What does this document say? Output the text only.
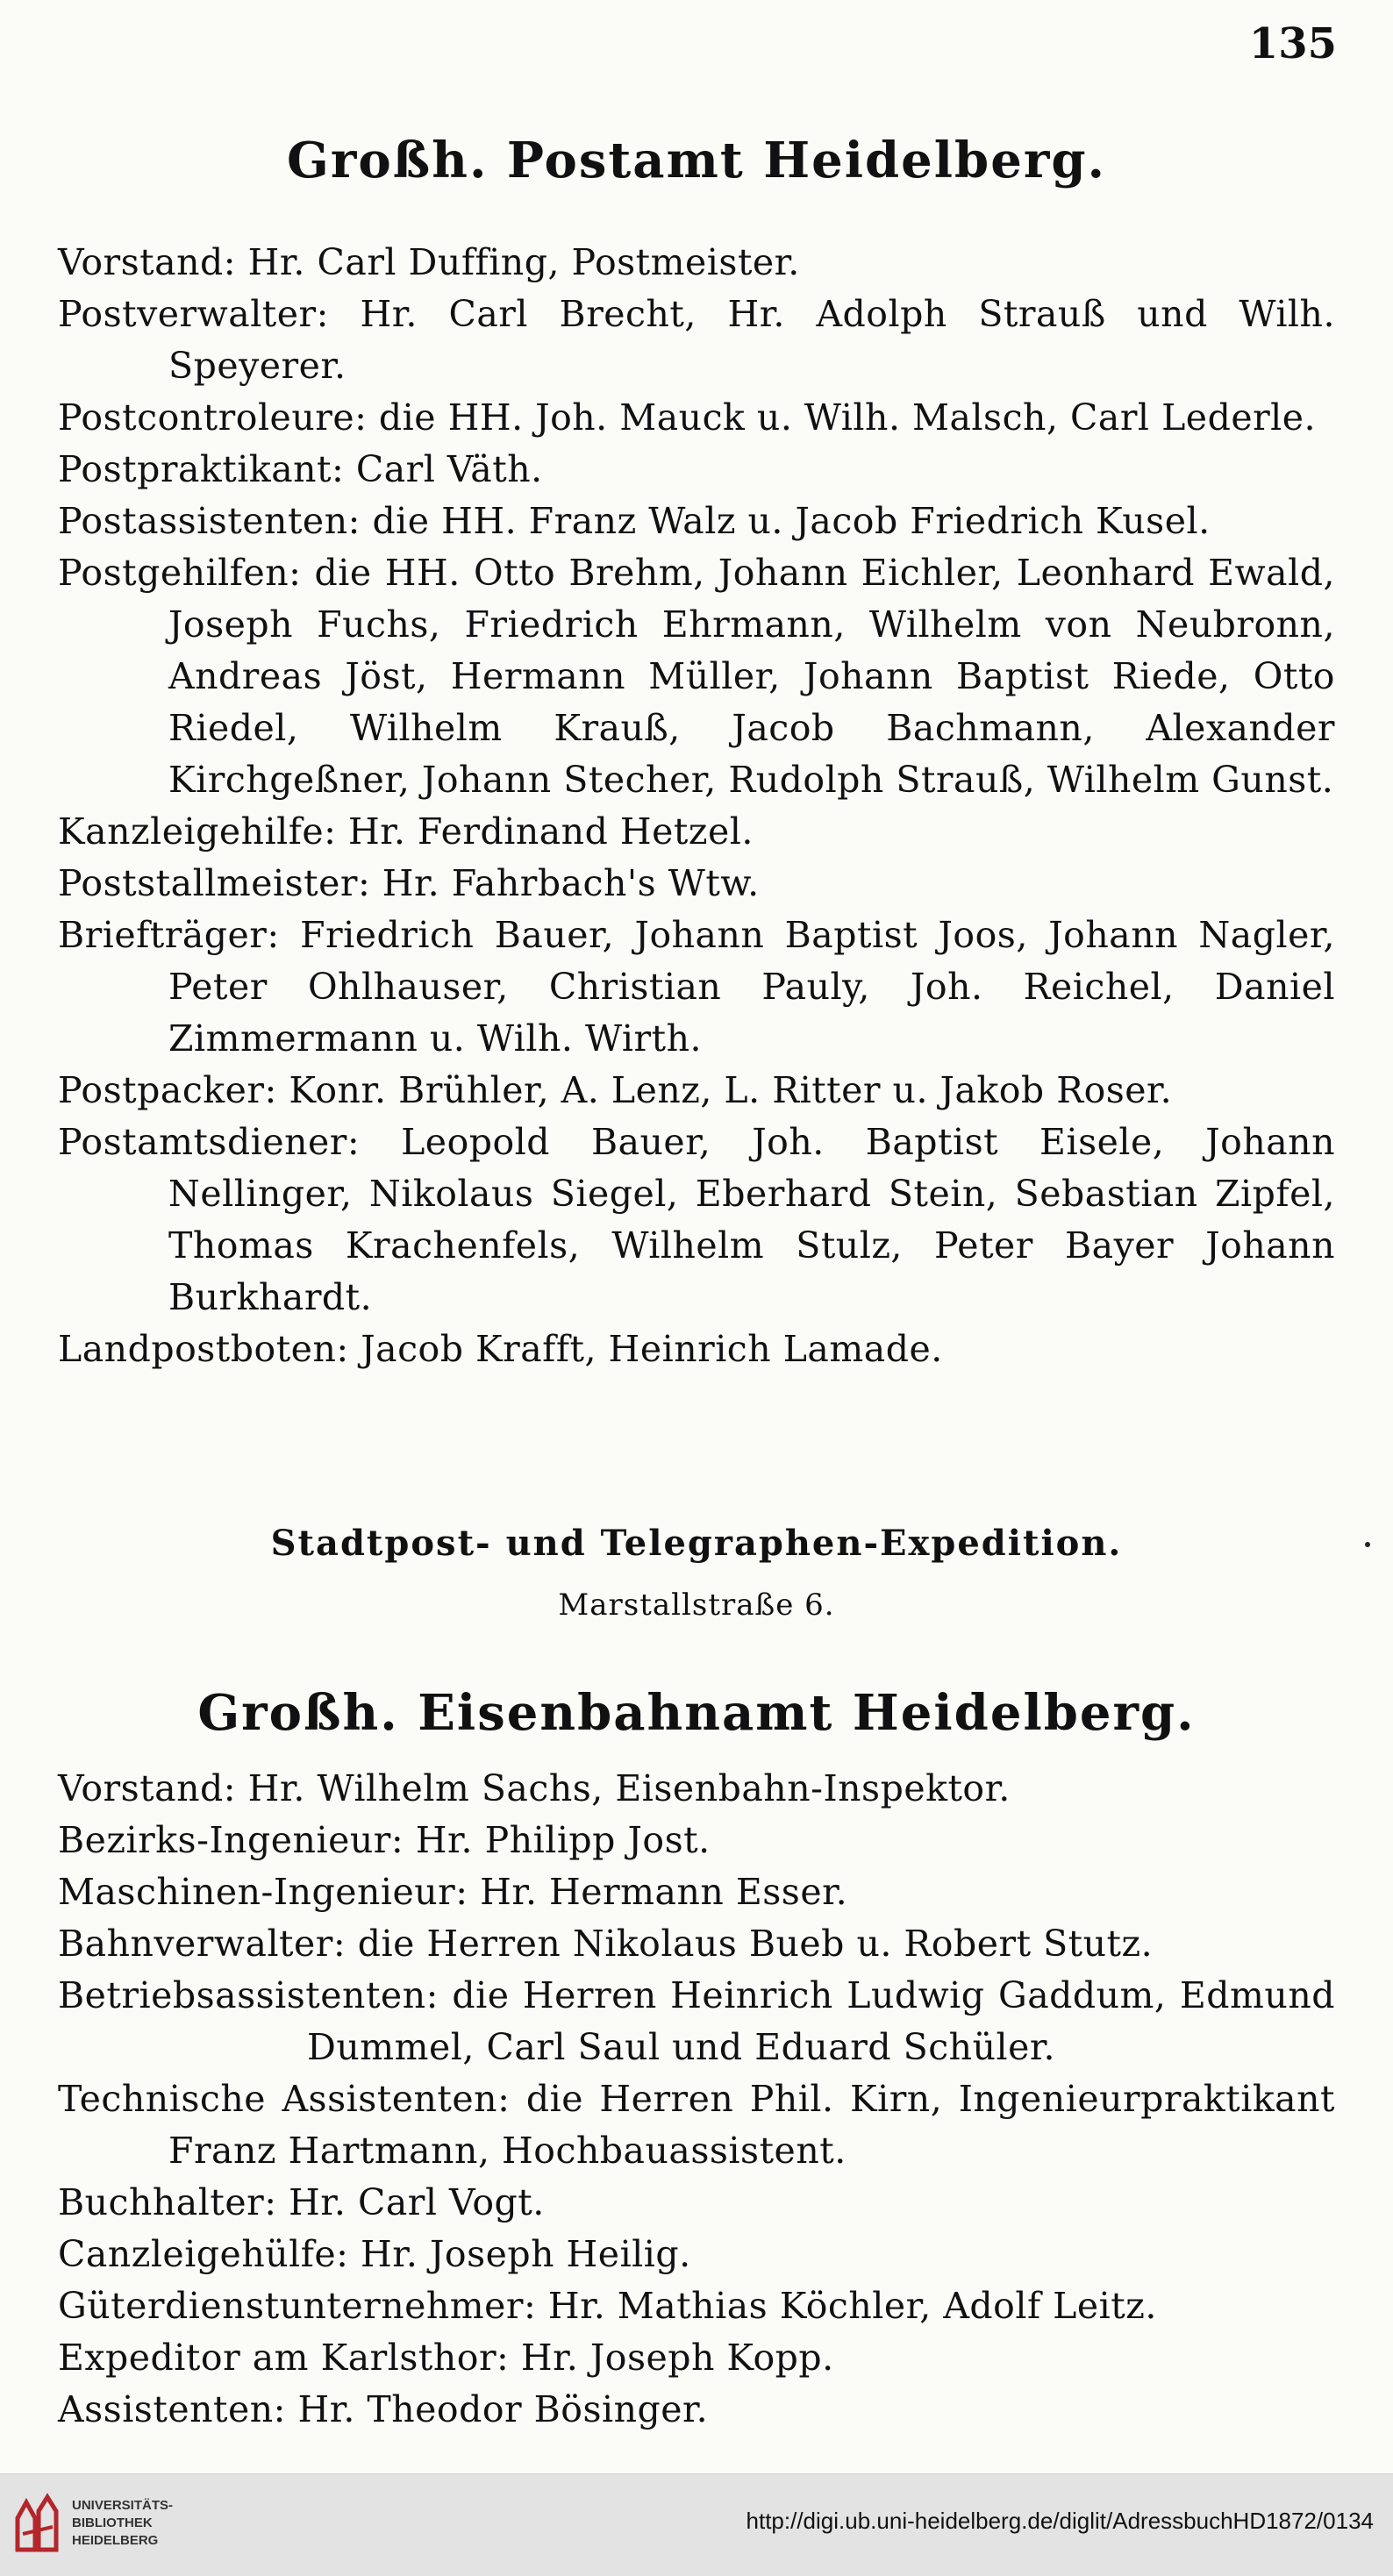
135
Großh. Postamt Heidelberg.
Vorstand: Hr. Carl Duffing, Postmeister.
Postverwalter: Hr. Carl Brecht, Hr. Adolph Strauß und Wilh. Speyerer.
Postcontroleure: die HH. Joh. Mauck u. Wilh. Malsch, Carl Lederle.
Postpraktikant: Carl Väth.
Postassistenten: die HH. Franz Walz u. Jacob Friedrich Kusel.
Postgehilfen: die HH. Otto Brehm, Johann Eichler, Leonhard Ewald, Joseph Fuchs, Friedrich Ehrmann, Wilhelm von Neubronn, Andreas Jöst, Hermann Müller, Johann Baptist Riede, Otto Riedel, Wilhelm Krauß, Jacob Bachmann, Alexander Kirchgeßner, Johann Stecher, Rudolph Strauß, Wilhelm Gunst.
Kanzleigehilfe: Hr. Ferdinand Hetzel.
Poststallmeister: Hr. Fahrbach's Wtw.
Briefträger: Friedrich Bauer, Johann Baptist Joos, Johann Nagler, Peter Ohlhauser, Christian Pauly, Joh. Reichel, Daniel Zimmermann u. Wilh. Wirth.
Postpacker: Konr. Brühler, A. Lenz, L. Ritter u. Jakob Roser.
Postamtsdiener: Leopold Bauer, Joh. Baptist Eisele, Johann Nellinger, Nikolaus Siegel, Eberhard Stein, Sebastian Zipfel, Thomas Krachenfels, Wilhelm Stulz, Peter Bayer Johann Burkhardt.
Landpostboten: Jacob Krafft, Heinrich Lamade.
Stadtpost- und Telegraphen-Expedition.
Marstallstraße 6.
Großh. Eisenbahnamt Heidelberg.
Vorstand: Hr. Wilhelm Sachs, Eisenbahn-Inspektor.
Bezirks-Ingenieur: Hr. Philipp Jost.
Maschinen-Ingenieur: Hr. Hermann Esser.
Bahnverwalter: die Herren Nikolaus Bueb u. Robert Stutz.
Betriebsassistenten: die Herren Heinrich Ludwig Gaddum, Edmund Dummel, Carl Saul und Eduard Schüler.
Technische Assistenten: die Herren Phil. Kirn, Ingenieurpraktikant Franz Hartmann, Hochbauassistent.
Buchhalter: Hr. Carl Vogt.
Canzleigehülfe: Hr. Joseph Heilig.
Güterdienstunternehmer: Hr. Mathias Köchler, Adolf Leitz.
Expeditor am Karlsthor: Hr. Joseph Kopp.
Assistenten: Hr. Theodor Bösinger.
UNIVERSITÄTS-
BIBLIOTHEK
HEIDELBERG
http://digi.ub.uni-heidelberg.de/diglit/AdressbuchHD1872/0134
